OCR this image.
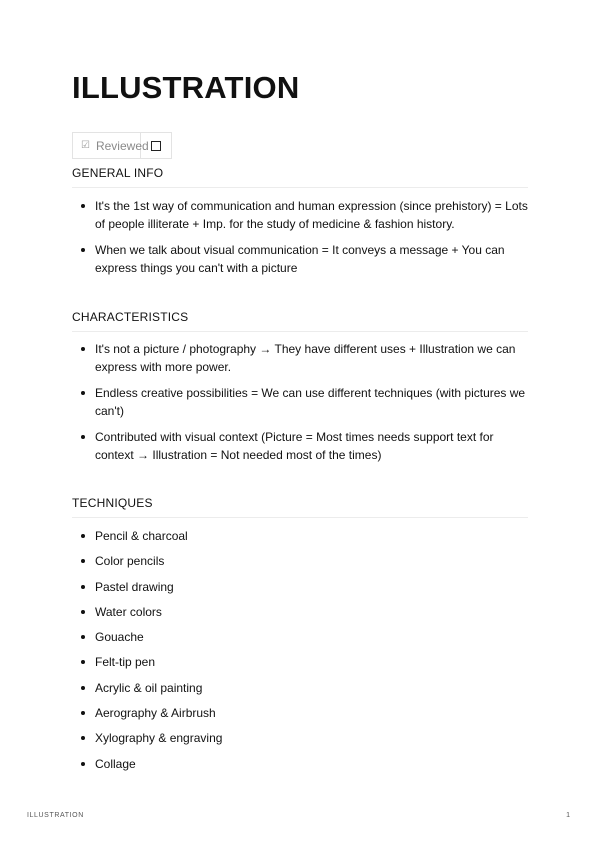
ILLUSTRATION
☑ Reviewed
GENERAL INFO
It's the 1st way of communication and human expression (since prehistory) = Lots of people illiterate + Imp. for the study of medicine & fashion history.
When we talk about visual communication = It conveys a message + You can express things you can't with a picture
CHARACTERISTICS
It's not a picture / photography → They have different uses + Illustration we can express with more power.
Endless creative possibilities = We can use different techniques (with pictures we can't)
Contributed with visual context (Picture = Most times needs support text for context → Illustration = Not needed most of the times)
TECHNIQUES
Pencil & charcoal
Color pencils
Pastel drawing
Water colors
Gouache
Felt-tip pen
Acrylic & oil painting
Aerography & Airbrush
Xylography & engraving
Collage
ILLUSTRATION	1
